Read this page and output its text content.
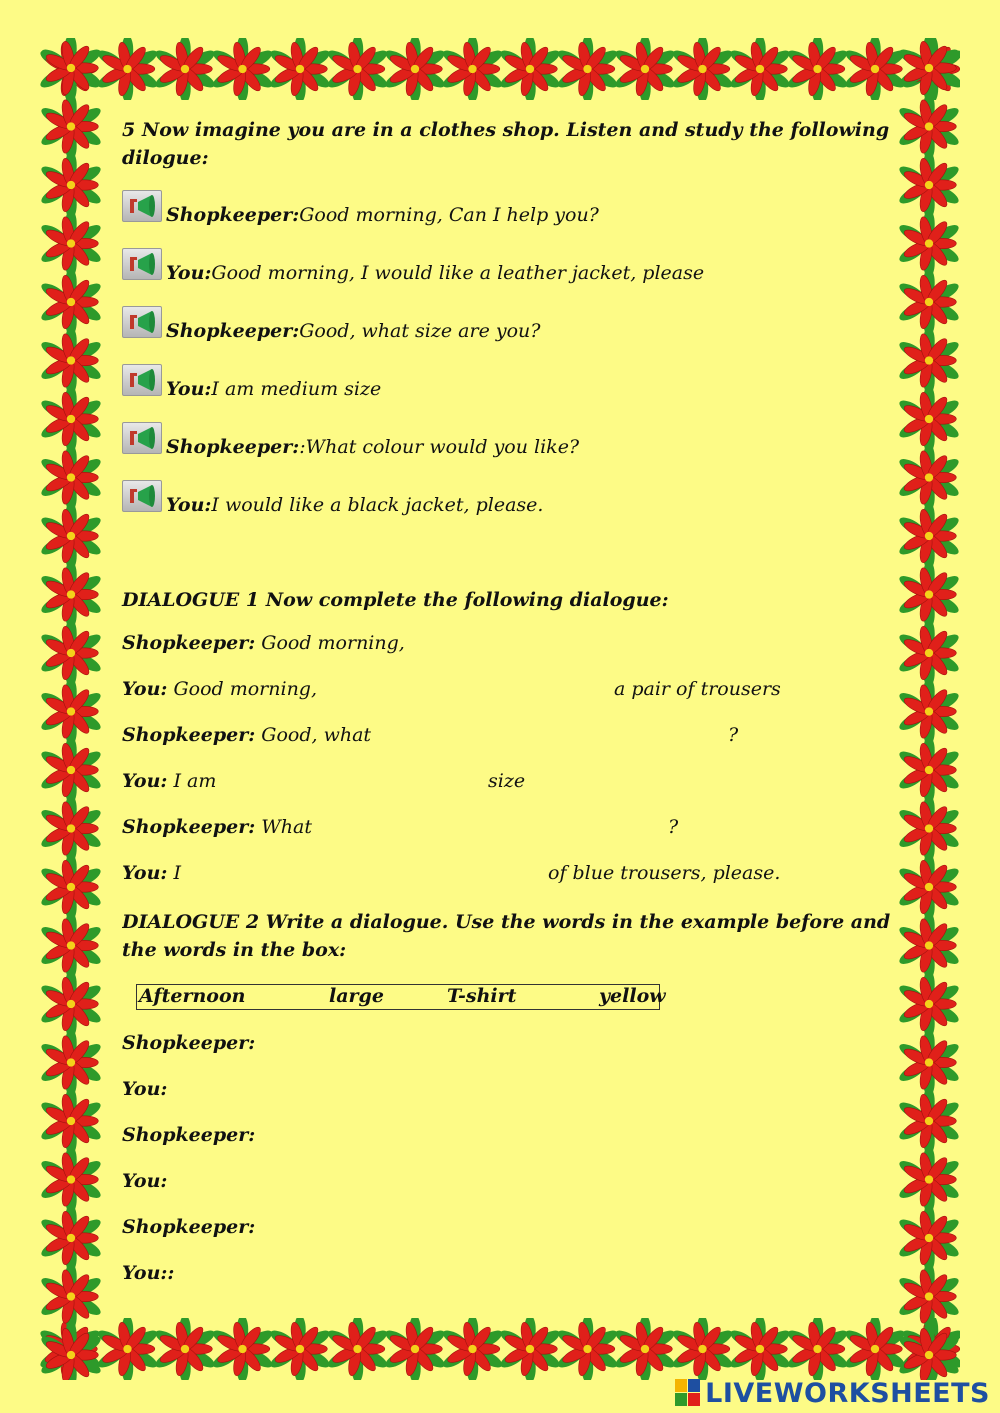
5 Now imagine you are in a clothes shop. Listen and study the following dilogue:

Shopkeeper: Good morning, Can I help you?
You: Good morning, I would like a leather jacket, please
Shopkeeper: Good, what size are you?
You: I am medium size
Shopkeeper: :What colour would you like?
You: I would like a black jacket, please.
DIALOGUE 1 Now complete the following dialogue:
Shopkeeper: Good morning,
You: Good morning,	a pair of trousers
Shopkeeper: Good, what	?
You: I am	size
Shopkeeper: What	?
You: I	of blue trousers, please.

DIALOGUE 2 Write a dialogue. Use the words in the example before and the words in the box:

Afternoon	large	T-shirt	yellow
Shopkeeper:
You:
Shopkeeper:
You:
Shopkeeper:
You::
LIVEWORKSHEETS
